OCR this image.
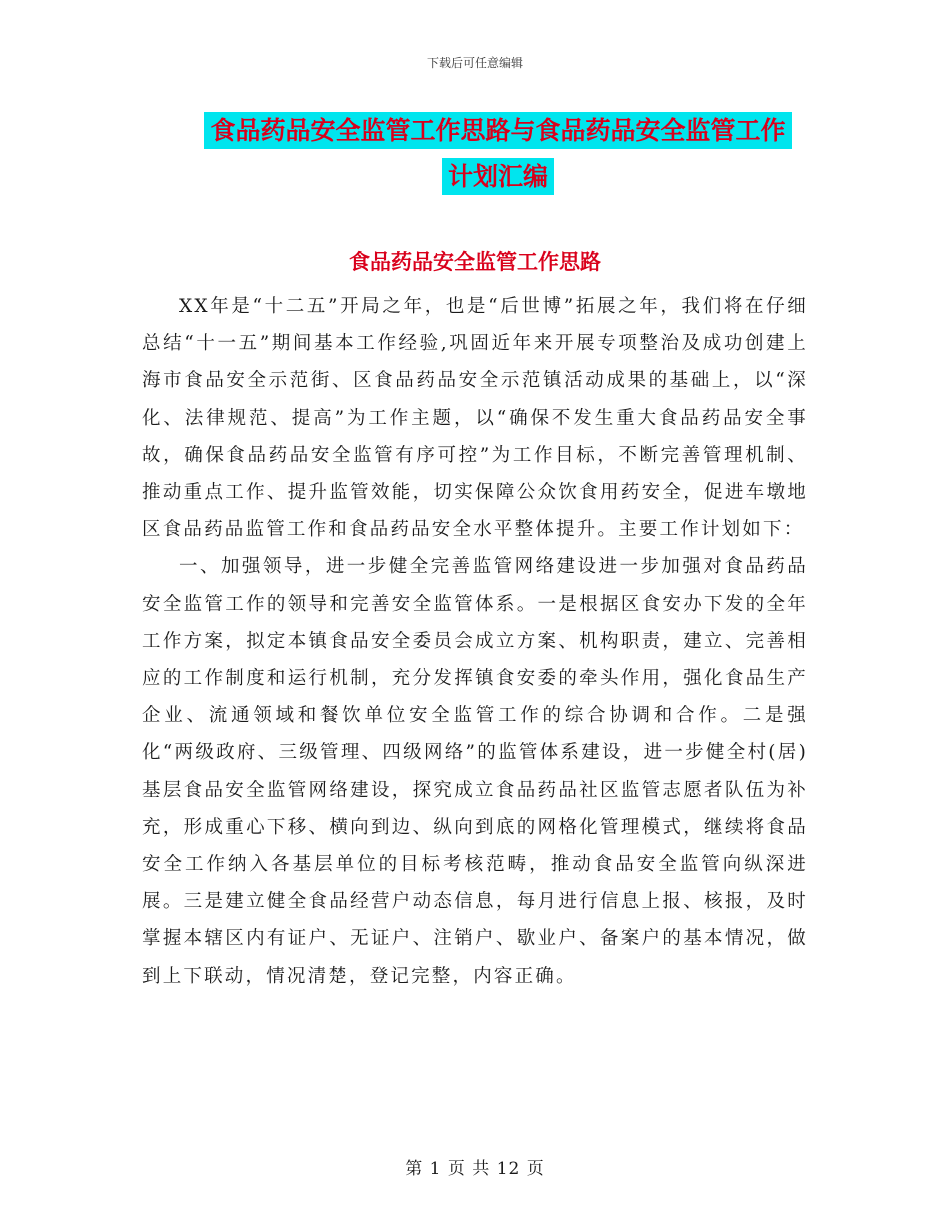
下载后可任意编辑
食品药品安全监管工作思路与食品药品安全监管工作
计划汇编
食品药品安全监管工作思路

XX年是“十二五”开局之年，也是“后世博”拓展之年，我们将在仔细总结“十一五”期间基本工作经验,巩固近年来开展专项整治及成功创建上海市食品安全示范街、区食品药品安全示范镇活动成果的基础上，以“深化、法律规范、提高”为工作主题，以“确保不发生重大食品药品安全事故，确保食品药品安全监管有序可控”为工作目标，不断完善管理机制、推动重点工作、提升监管效能，切实保障公众饮食用药安全，促进车墩地区食品药品监管工作和食品药品安全水平整体提升。主要工作计划如下：

一、加强领导，进一步健全完善监管网络建设进一步加强对食品药品安全监管工作的领导和完善安全监管体系。一是根据区食安办下发的全年工作方案，拟定本镇食品安全委员会成立方案、机构职责，建立、完善相应的工作制度和运行机制，充分发挥镇食安委的牵头作用，强化食品生产企业、流通领域和餐饮单位安全监管工作的综合协调和合作。二是强化“两级政府、三级管理、四级网络”的监管体系建设，进一步健全村(居)基层食品安全监管网络建设，探究成立食品药品社区监管志愿者队伍为补充，形成重心下移、横向到边、纵向到底的网格化管理模式，继续将食品安全工作纳入各基层单位的目标考核范畴，推动食品安全监管向纵深进展。三是建立健全食品经营户动态信息，每月进行信息上报、核报，及时掌握本辖区内有证户、无证户、注销户、歇业户、备案户的基本情况，做到上下联动，情况清楚，登记完整，内容正确。

第 1 页 共 12 页
